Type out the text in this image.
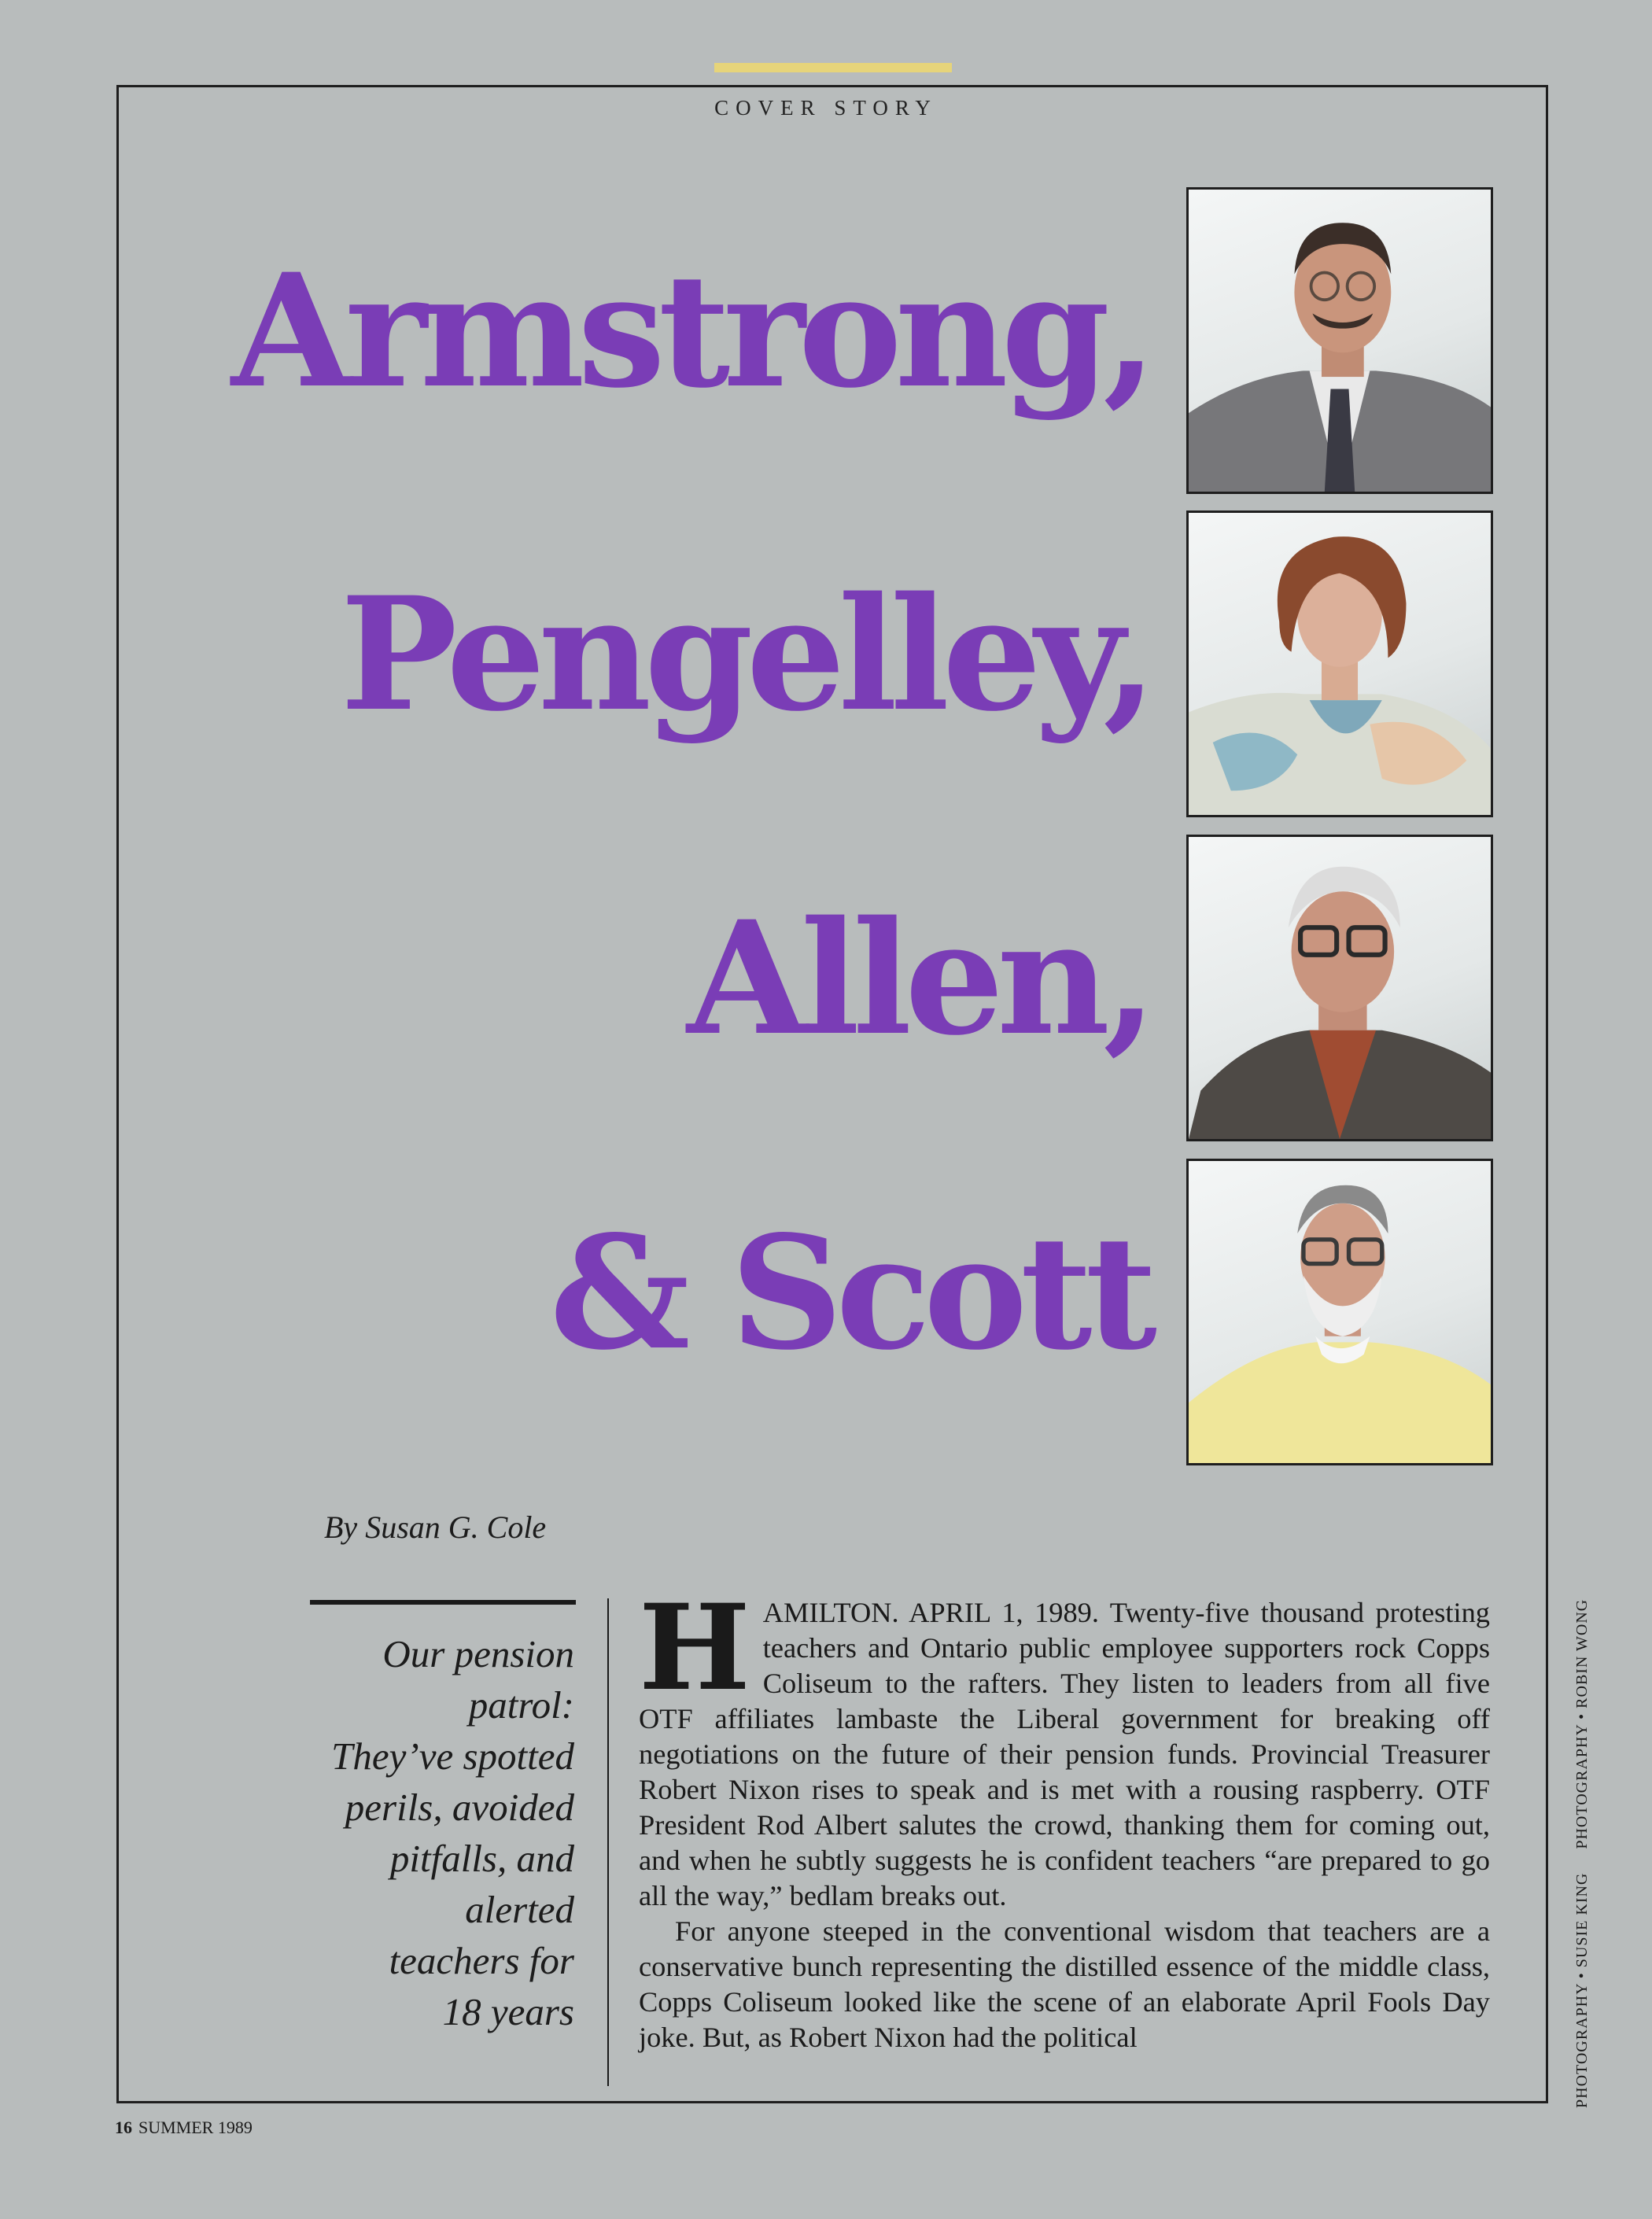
COVER STORY
Armstrong,
Pengelley,
Allen,
& Scott
By Susan G. Cole
Our pension
patrol:
They’ve spotted
perils, avoided
pitfalls, and
alerted
teachers for
18 years

HAMILTON. APRIL 1, 1989. Twenty-five thousand protesting teachers and Ontario public employee supporters rock Copps Coliseum to the rafters. They listen to leaders from all five OTF affiliates lambaste the Liberal government for breaking off negotiations on the future of their pension funds. Provincial Treasurer Robert Nixon rises to speak and is met with a rousing raspberry. OTF President Rod Albert salutes the crowd, thanking them for coming out, and when he subtly suggests he is confident teachers “are prepared to go all the way,” bedlam breaks out.

For anyone steeped in the conventional wisdom that teachers are a conservative bunch representing the distilled essence of the middle class, Copps Coliseum looked like the scene of an elaborate April Fools Day joke. But, as Robert Nixon had the political

16 SUMMER 1989
PHOTOGRAPHY • SUSIE KING     PHOTOGRAPHY • ROBIN WONG
